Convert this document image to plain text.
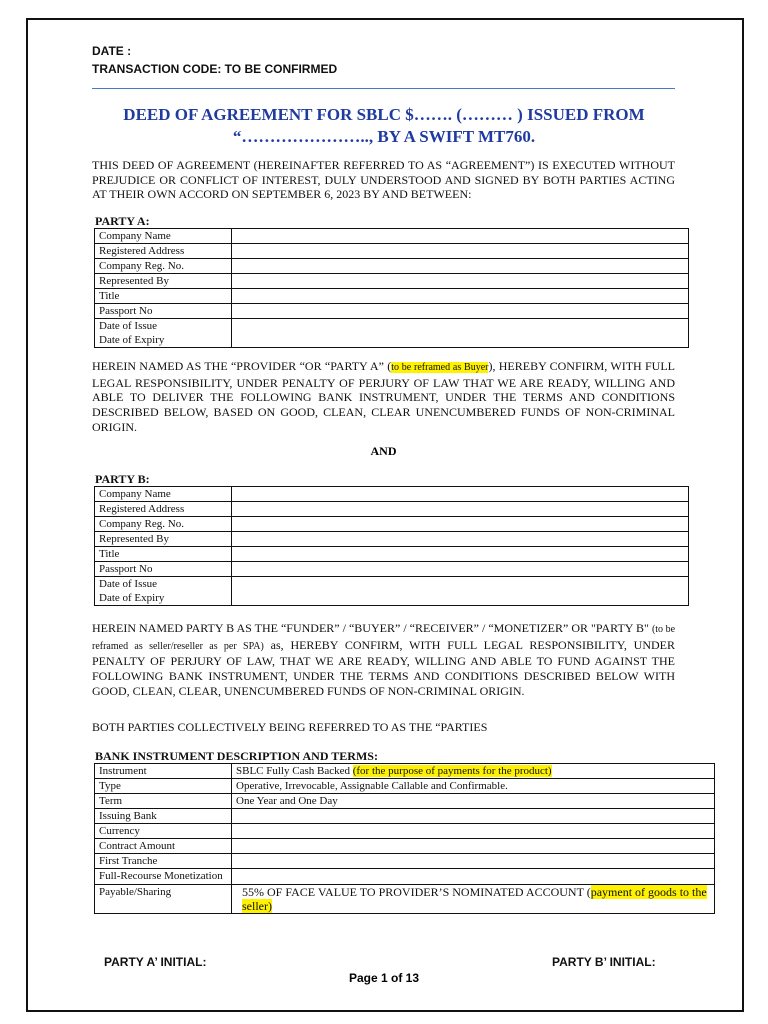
DATE :
TRANSACTION CODE: TO BE CONFIRMED
DEED OF AGREEMENT FOR SBLC $……. (……… ) ISSUED FROM
“………………….., BY A SWIFT MT760.
THIS DEED OF AGREEMENT (HEREINAFTER REFERRED TO AS “AGREEMENT”) IS EXECUTED WITHOUT PREJUDICE OR CONFLICT OF INTEREST, DULY UNDERSTOOD AND SIGNED BY BOTH PARTIES ACTING AT THEIR OWN ACCORD ON SEPTEMBER 6, 2023 BY AND BETWEEN:
PARTY A:
Company Name	
Registered Address	
Company Reg. No.	
Represented By	
Title	
Passport No	

Date of Issue
Date of Expiry	

HEREIN NAMED AS THE “PROVIDER “OR “PARTY A” (to be reframed as Buyer), HEREBY CONFIRM, WITH FULL LEGAL RESPONSIBILITY, UNDER PENALTY OF PERJURY OF LAW THAT WE ARE READY, WILLING AND ABLE TO DELIVER THE FOLLOWING BANK INSTRUMENT, UNDER THE TERMS AND CONDITIONS DESCRIBED BELOW, BASED ON GOOD, CLEAN, CLEAR UNENCUMBERED FUNDS OF NON-CRIMINAL ORIGIN.
AND
PARTY B:
Company Name	
Registered Address	
Company Reg. No.	
Represented By	
Title	
Passport No	

Date of Issue
Date of Expiry	

HEREIN NAMED PARTY B AS THE “FUNDER” / “BUYER” / “RECEIVER” / “MONETIZER” OR "PARTY B" (to be reframed as seller/reseller as per SPA) as, HEREBY CONFIRM, WITH FULL LEGAL RESPONSIBILITY, UNDER PENALTY OF PERJURY OF LAW, THAT WE ARE READY, WILLING AND ABLE TO FUND AGAINST THE FOLLOWING BANK INSTRUMENT, UNDER THE TERMS AND CONDITIONS DESCRIBED BELOW WITH GOOD, CLEAN, CLEAR, UNENCUMBERED FUNDS OF NON-CRIMINAL ORIGIN.
BOTH PARTIES COLLECTIVELY BEING REFERRED TO AS THE “PARTIES
BANK INSTRUMENT DESCRIPTION AND TERMS:
Instrument	SBLC Fully Cash Backed (for the purpose of payments for the product)
Type	Operative, Irrevocable, Assignable Callable and Confirmable.
Term	One Year and One Day
Issuing Bank	
Currency	
Contract Amount	
First Tranche	
Full-Recourse Monetization	
Payable/Sharing	55% OF FACE VALUE TO PROVIDER’S NOMINATED ACCOUNT (payment of goods to the seller)
PARTY A’ INITIAL:	PARTY B’ INITIAL:
Page 1 of 13
